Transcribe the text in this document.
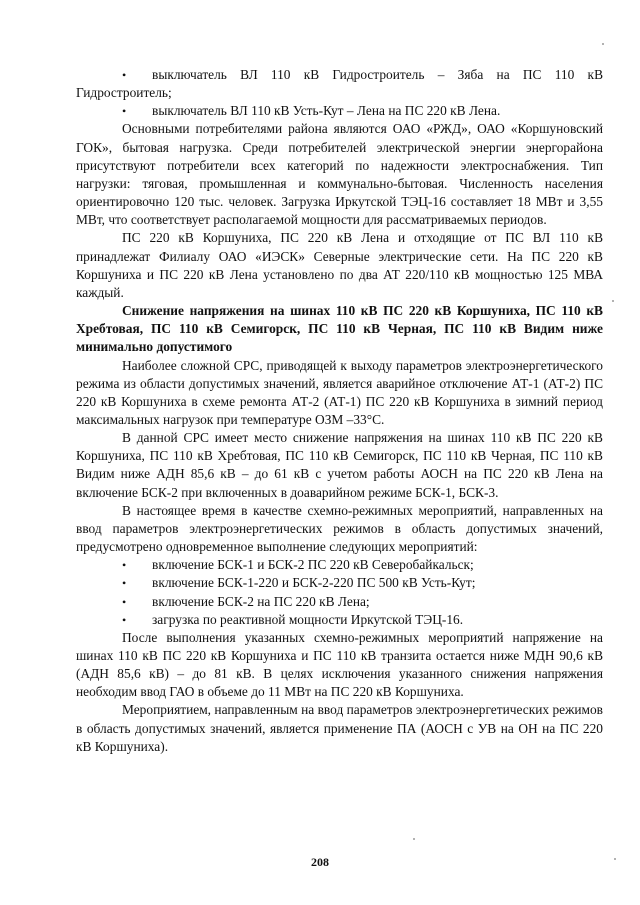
• выключатель ВЛ 110 кВ Гидростроитель – Зяба на ПС 110 кВ Гидростроитель;

• выключатель ВЛ 110 кВ Усть-Кут – Лена на ПС 220 кВ Лена.

Основными потребителями района являются ОАО «РЖД», ОАО «Коршуновский ГОК», бытовая нагрузка. Среди потребителей электрической энергии энергорайона присутствуют потребители всех категорий по надежности электроснабжения. Тип нагрузки: тяговая, промышленная и коммунально-бытовая. Численность населения ориентировочно 120 тыс. человек. Загрузка Иркутской ТЭЦ-16 составляет 18 МВт и 3,55 МВт, что соответствует располагаемой мощности для рассматриваемых периодов.

ПС 220 кВ Коршуниха, ПС 220 кВ Лена и отходящие от ПС ВЛ 110 кВ принадлежат Филиалу ОАО «ИЭСК» Северные электрические сети. На ПС 220 кВ Коршуниха и ПС 220 кВ Лена установлено по два АТ 220/110 кВ мощностью 125 МВА каждый.

Снижение напряжения на шинах 110 кВ ПС 220 кВ Коршуниха, ПС 110 кВ Хребтовая, ПС 110 кВ Семигорск, ПС 110 кВ Черная, ПС 110 кВ Видим ниже минимально допустимого

Наиболее сложной СРС, приводящей к выходу параметров электроэнергетического режима из области допустимых значений, является аварийное отключение АТ-1 (АТ-2) ПС 220 кВ Коршуниха в схеме ремонта АТ-2 (АТ-1) ПС 220 кВ Коршуниха в зимний период максимальных нагрузок при температуре ОЗМ –33°С.

В данной СРС имеет место снижение напряжения на шинах 110 кВ ПС 220 кВ Коршуниха, ПС 110 кВ Хребтовая, ПС 110 кВ Семигорск, ПС 110 кВ Черная, ПС 110 кВ Видим ниже АДН 85,6 кВ – до 61 кВ с учетом работы АОСН на ПС 220 кВ Лена на включение БСК-2 при включенных в доаварийном режиме БСК-1, БСК-3.

В настоящее время в качестве схемно-режимных мероприятий, направленных на ввод параметров электроэнергетических режимов в область допустимых значений, предусмотрено одновременное выполнение следующих мероприятий:

• включение БСК-1 и БСК-2 ПС 220 кВ Северобайкальск;

• включение БСК-1-220 и БСК-2-220 ПС 500 кВ Усть-Кут;

• включение БСК-2 на ПС 220 кВ Лена;

• загрузка по реактивной мощности Иркутской ТЭЦ-16.

После выполнения указанных схемно-режимных мероприятий напряжение на шинах 110 кВ ПС 220 кВ Коршуниха и ПС 110 кВ транзита остается ниже МДН 90,6 кВ (АДН 85,6 кВ) – до 81 кВ. В целях исключения указанного снижения напряжения необходим ввод ГАО в объеме до 11 МВт на ПС 220 кВ Коршуниха.

Мероприятием, направленным на ввод параметров электроэнергетических режимов в область допустимых значений, является применение ПА (АОСН с УВ на ОН на ПС 220 кВ Коршуниха).

208
